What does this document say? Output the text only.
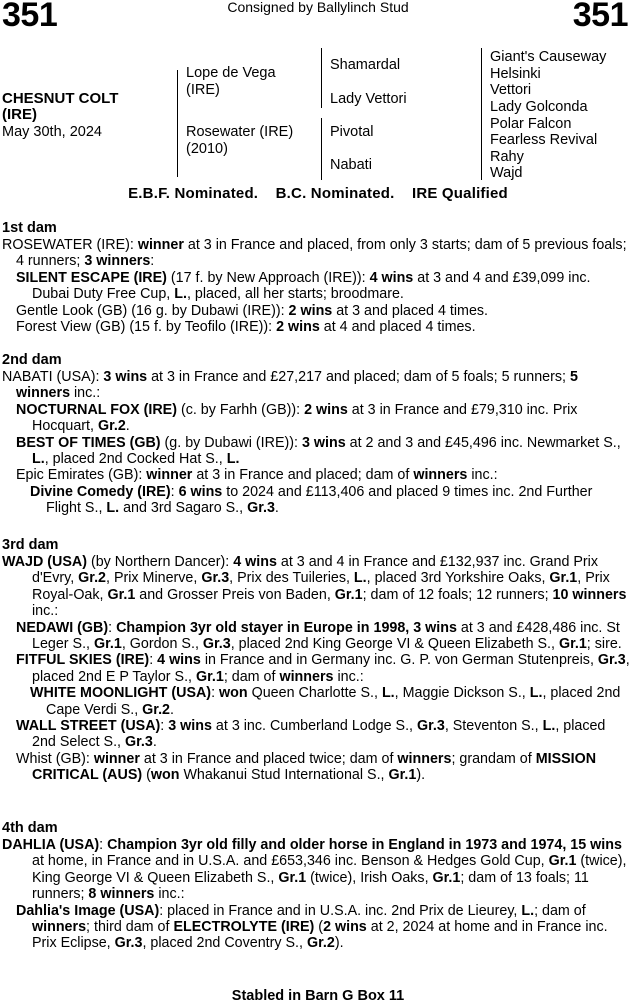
351	Consigned by Ballylinch Stud	351
CHESNUT COLT
(IRE)
May 30th, 2024
Lope de Vega
(IRE)
Rosewater (IRE)
(2010)
Shamardal
Lady Vettori
Pivotal
Nabati
Giant's Causeway
Helsinki
Vettori
Lady Golconda
Polar Falcon
Fearless Revival
Rahy
Wajd
E.B.F. Nominated.    B.C. Nominated.    IRE Qualified
1st dam
ROSEWATER (IRE): winner at 3 in France and placed, from only 3 starts; dam of 5 previous foals; 4 runners; 3 winners:
SILENT ESCAPE (IRE) (17 f. by New Approach (IRE)): 4 wins at 3 and 4 and £39,099 inc. Dubai Duty Free Cup, L., placed, all her starts; broodmare.
Gentle Look (GB) (16 g. by Dubawi (IRE)): 2 wins at 3 and placed 4 times.
Forest View (GB) (15 f. by Teofilo (IRE)): 2 wins at 4 and placed 4 times.
2nd dam
NABATI (USA): 3 wins at 3 in France and £27,217 and placed; dam of 5 foals; 5 runners; 5 winners inc.:
NOCTURNAL FOX (IRE) (c. by Farhh (GB)): 2 wins at 3 in France and £79,310 inc. Prix Hocquart, Gr.2.
BEST OF TIMES (GB) (g. by Dubawi (IRE)): 3 wins at 2 and 3 and £45,496 inc. Newmarket S., L., placed 2nd Cocked Hat S., L.
Epic Emirates (GB): winner at 3 in France and placed; dam of winners inc.:
Divine Comedy (IRE): 6 wins to 2024 and £113,406 and placed 9 times inc. 2nd Further Flight S., L. and 3rd Sagaro S., Gr.3.
3rd dam
WAJD (USA) (by Northern Dancer): 4 wins at 3 and 4 in France and £132,937 inc. Grand Prix d'Evry, Gr.2, Prix Minerve, Gr.3, Prix des Tuileries, L., placed 3rd Yorkshire Oaks, Gr.1, Prix Royal-Oak, Gr.1 and Grosser Preis von Baden, Gr.1; dam of 12 foals; 12 runners; 10 winners inc.:
NEDAWI (GB): Champion 3yr old stayer in Europe in 1998, 3 wins at 3 and £428,486 inc. St Leger S., Gr.1, Gordon S., Gr.3, placed 2nd King George VI & Queen Elizabeth S., Gr.1; sire.
FITFUL SKIES (IRE): 4 wins in France and in Germany inc. G. P. von German Stutenpreis, Gr.3, placed 2nd E P Taylor S., Gr.1; dam of winners inc.:
WHITE MOONLIGHT (USA): won Queen Charlotte S., L., Maggie Dickson S., L., placed 2nd Cape Verdi S., Gr.2.
WALL STREET (USA): 3 wins at 3 inc. Cumberland Lodge S., Gr.3, Steventon S., L., placed 2nd Select S., Gr.3.
Whist (GB): winner at 3 in France and placed twice; dam of winners; grandam of MISSION CRITICAL (AUS) (won Whakanui Stud International S., Gr.1).
4th dam
DAHLIA (USA): Champion 3yr old filly and older horse in England in 1973 and 1974, 15 wins at home, in France and in U.S.A. and £653,346 inc. Benson & Hedges Gold Cup, Gr.1 (twice), King George VI & Queen Elizabeth S., Gr.1 (twice), Irish Oaks, Gr.1; dam of 13 foals; 11 runners; 8 winners inc.:
Dahlia's Image (USA): placed in France and in U.S.A. inc. 2nd Prix de Lieurey, L.; dam of winners; third dam of ELECTROLYTE (IRE) (2 wins at 2, 2024 at home and in France inc. Prix Eclipse, Gr.3, placed 2nd Coventry S., Gr.2).
Stabled in Barn G Box 11
